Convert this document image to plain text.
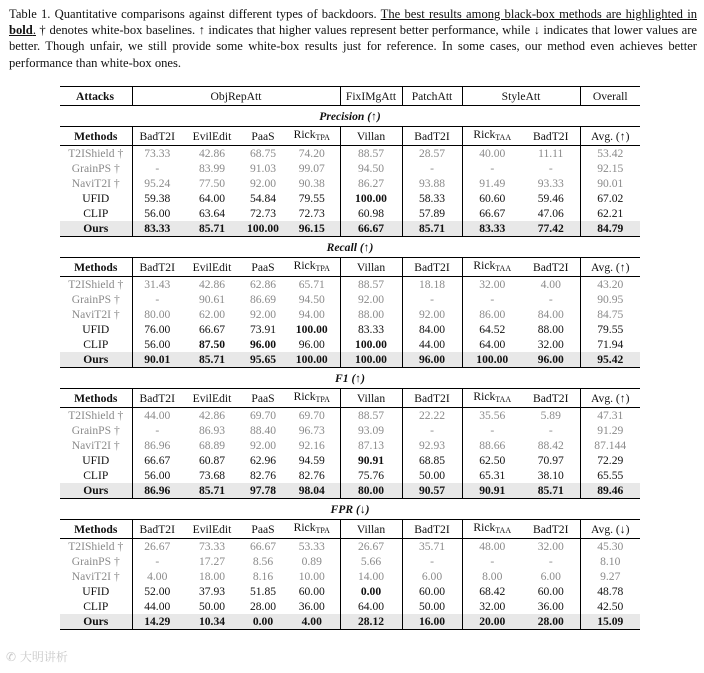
Table 1. Quantitative comparisons against different types of backdoors. The best results among black-box methods are highlighted in bold. † denotes white-box baselines. ↑ indicates that higher values represent better performance, while ↓ indicates that lower values are better. Though unfair, we still provide some white-box results just for reference. In some cases, our method even achieves better performance than white-box ones.
Attacks	ObjRepAtt				FixIMgAtt	PatchAtt	StyleAtt		Overall
Precision (↑)									
Methods	BadT2I	EvilEdit	PaaS	Rick$_{TPA}$	Villan	BadT2I	Rick$_{TAA}$	BadT2I	Avg. (↑)
T2IShield †	73.33	42.86	68.75	74.20	88.57	28.57	40.00	11.11	53.42
GrainPS †	-	83.99	91.03	99.07	94.50	-	-	-	92.15
NaviT2I †	95.24	77.50	92.00	90.38	86.27	93.88	91.49	93.33	90.01
UFID	59.38	64.00	54.84	79.55	100.00	58.33	60.60	59.46	67.02
CLIP	56.00	63.64	72.73	72.73	60.98	57.89	66.67	47.06	62.21
Ours	83.33	85.71	100.00	96.15	66.67	85.71	83.33	77.42	84.79
Recall (↑)									
Methods	BadT2I	EvilEdit	PaaS	Rick$_{TPA}$	Villan	BadT2I	Rick$_{TAA}$	BadT2I	Avg. (↑)
T2IShield †	31.43	42.86	62.86	65.71	88.57	18.18	32.00	4.00	43.20
GrainPS †	-	90.61	86.69	94.50	92.00	-	-	-	90.95
NaviT2I †	80.00	62.00	92.00	94.00	88.00	92.00	86.00	84.00	84.75
UFID	76.00	66.67	73.91	100.00	83.33	84.00	64.52	88.00	79.55
CLIP	56.00	87.50	96.00	96.00	100.00	44.00	64.00	32.00	71.94
Ours	90.01	85.71	95.65	100.00	100.00	96.00	100.00	96.00	95.42
F1 (↑)									
Methods	BadT2I	EvilEdit	PaaS	Rick$_{TPA}$	Villan	BadT2I	Rick$_{TAA}$	BadT2I	Avg. (↑)
T2IShield †	44.00	42.86	69.70	69.70	88.57	22.22	35.56	5.89	47.31
GrainPS †	-	86.93	88.40	96.73	93.09	-	-	-	91.29
NaviT2I †	86.96	68.89	92.00	92.16	87.13	92.93	88.66	88.42	87.144
UFID	66.67	60.87	62.96	94.59	90.91	68.85	62.50	70.97	72.29
CLIP	56.00	73.68	82.76	82.76	75.76	50.00	65.31	38.10	65.55
Ours	86.96	85.71	97.78	98.04	80.00	90.57	90.91	85.71	89.46
FPR (↓)									
Methods	BadT2I	EvilEdit	PaaS	Rick$_{TPA}$	Villan	BadT2I	Rick$_{TAA}$	BadT2I	Avg. (↓)
T2IShield †	26.67	73.33	66.67	53.33	26.67	35.71	48.00	32.00	45.30
GrainPS †	-	17.27	8.56	0.89	5.66	-	-	-	8.10
NaviT2I †	4.00	18.00	8.16	10.00	14.00	6.00	8.00	6.00	9.27
UFID	52.00	37.93	51.85	60.00	0.00	60.00	68.42	60.00	48.78
CLIP	44.00	50.00	28.00	36.00	64.00	50.00	32.00	36.00	42.50
Ours	14.29	10.34	0.00	4.00	28.12	16.00	20.00	28.00	15.09
✆ 大明讲析
